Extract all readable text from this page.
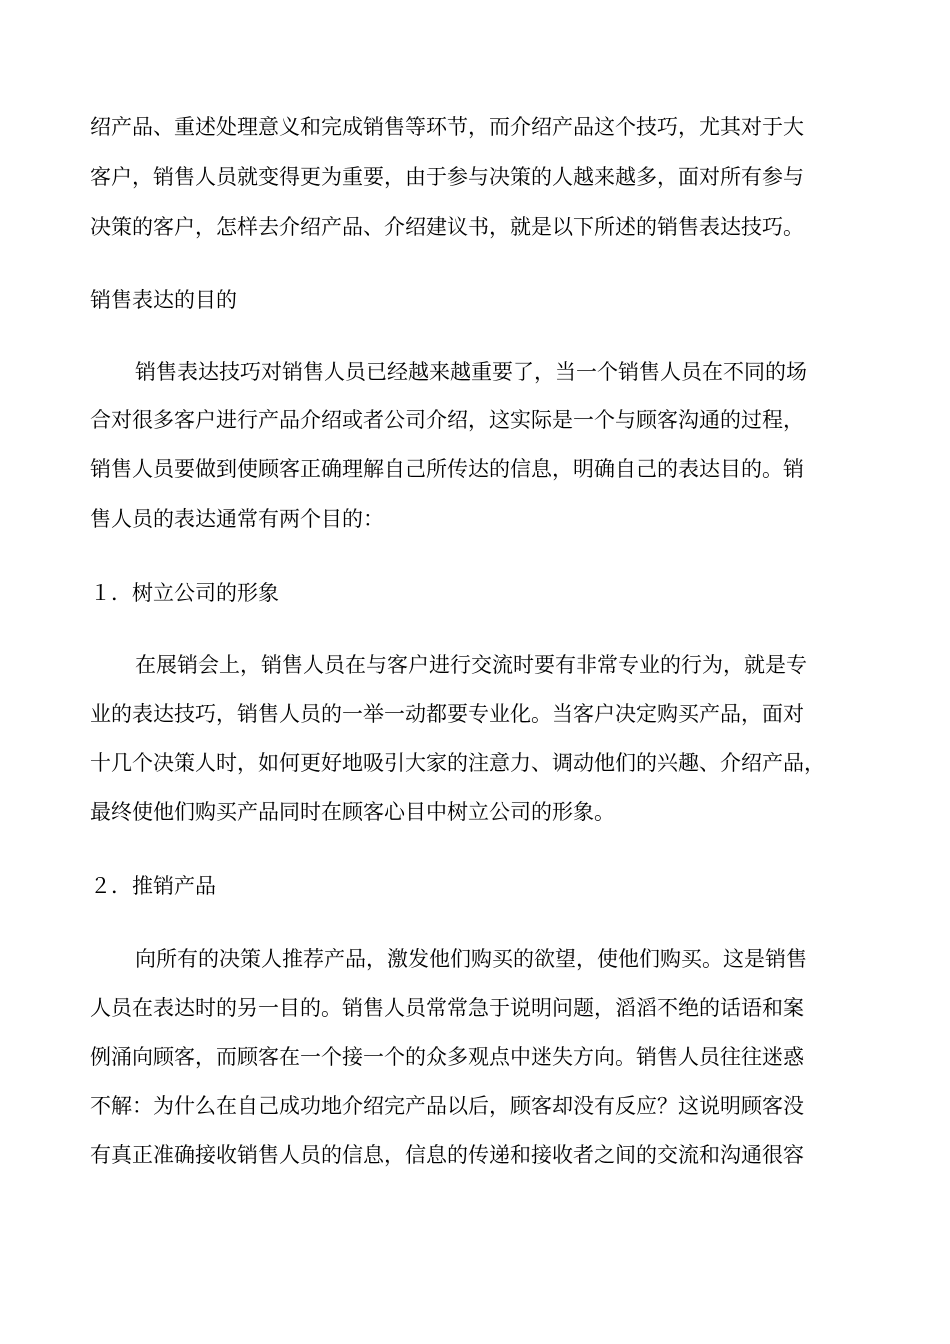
绍产品、重述处理意义和完成销售等环节，而介绍产品这个技巧，尤其对于大
客户，销售人员就变得更为重要，由于参与决策的人越来越多，面对所有参与
决策的客户，怎样去介绍产品、介绍建议书，就是以下所述的销售表达技巧。
销售表达的目的
销售表达技巧对销售人员已经越来越重要了，当一个销售人员在不同的场
合对很多客户进行产品介绍或者公司介绍，这实际是一个与顾客沟通的过程，
销售人员要做到使顾客正确理解自己所传达的信息，明确自己的表达目的。销
售人员的表达通常有两个目的：
１．树立公司的形象
在展销会上，销售人员在与客户进行交流时要有非常专业的行为，就是专
业的表达技巧，销售人员的一举一动都要专业化。当客户决定购买产品，面对
十几个决策人时，如何更好地吸引大家的注意力、调动他们的兴趣、介绍产品，
最终使他们购买产品同时在顾客心目中树立公司的形象。
２．推销产品
向所有的决策人推荐产品，激发他们购买的欲望，使他们购买。这是销售
人员在表达时的另一目的。销售人员常常急于说明问题，滔滔不绝的话语和案
例涌向顾客，而顾客在一个接一个的众多观点中迷失方向。销售人员往往迷惑
不解：为什么在自己成功地介绍完产品以后，顾客却没有反应？这说明顾客没
有真正准确接收销售人员的信息，信息的传递和接收者之间的交流和沟通很容
